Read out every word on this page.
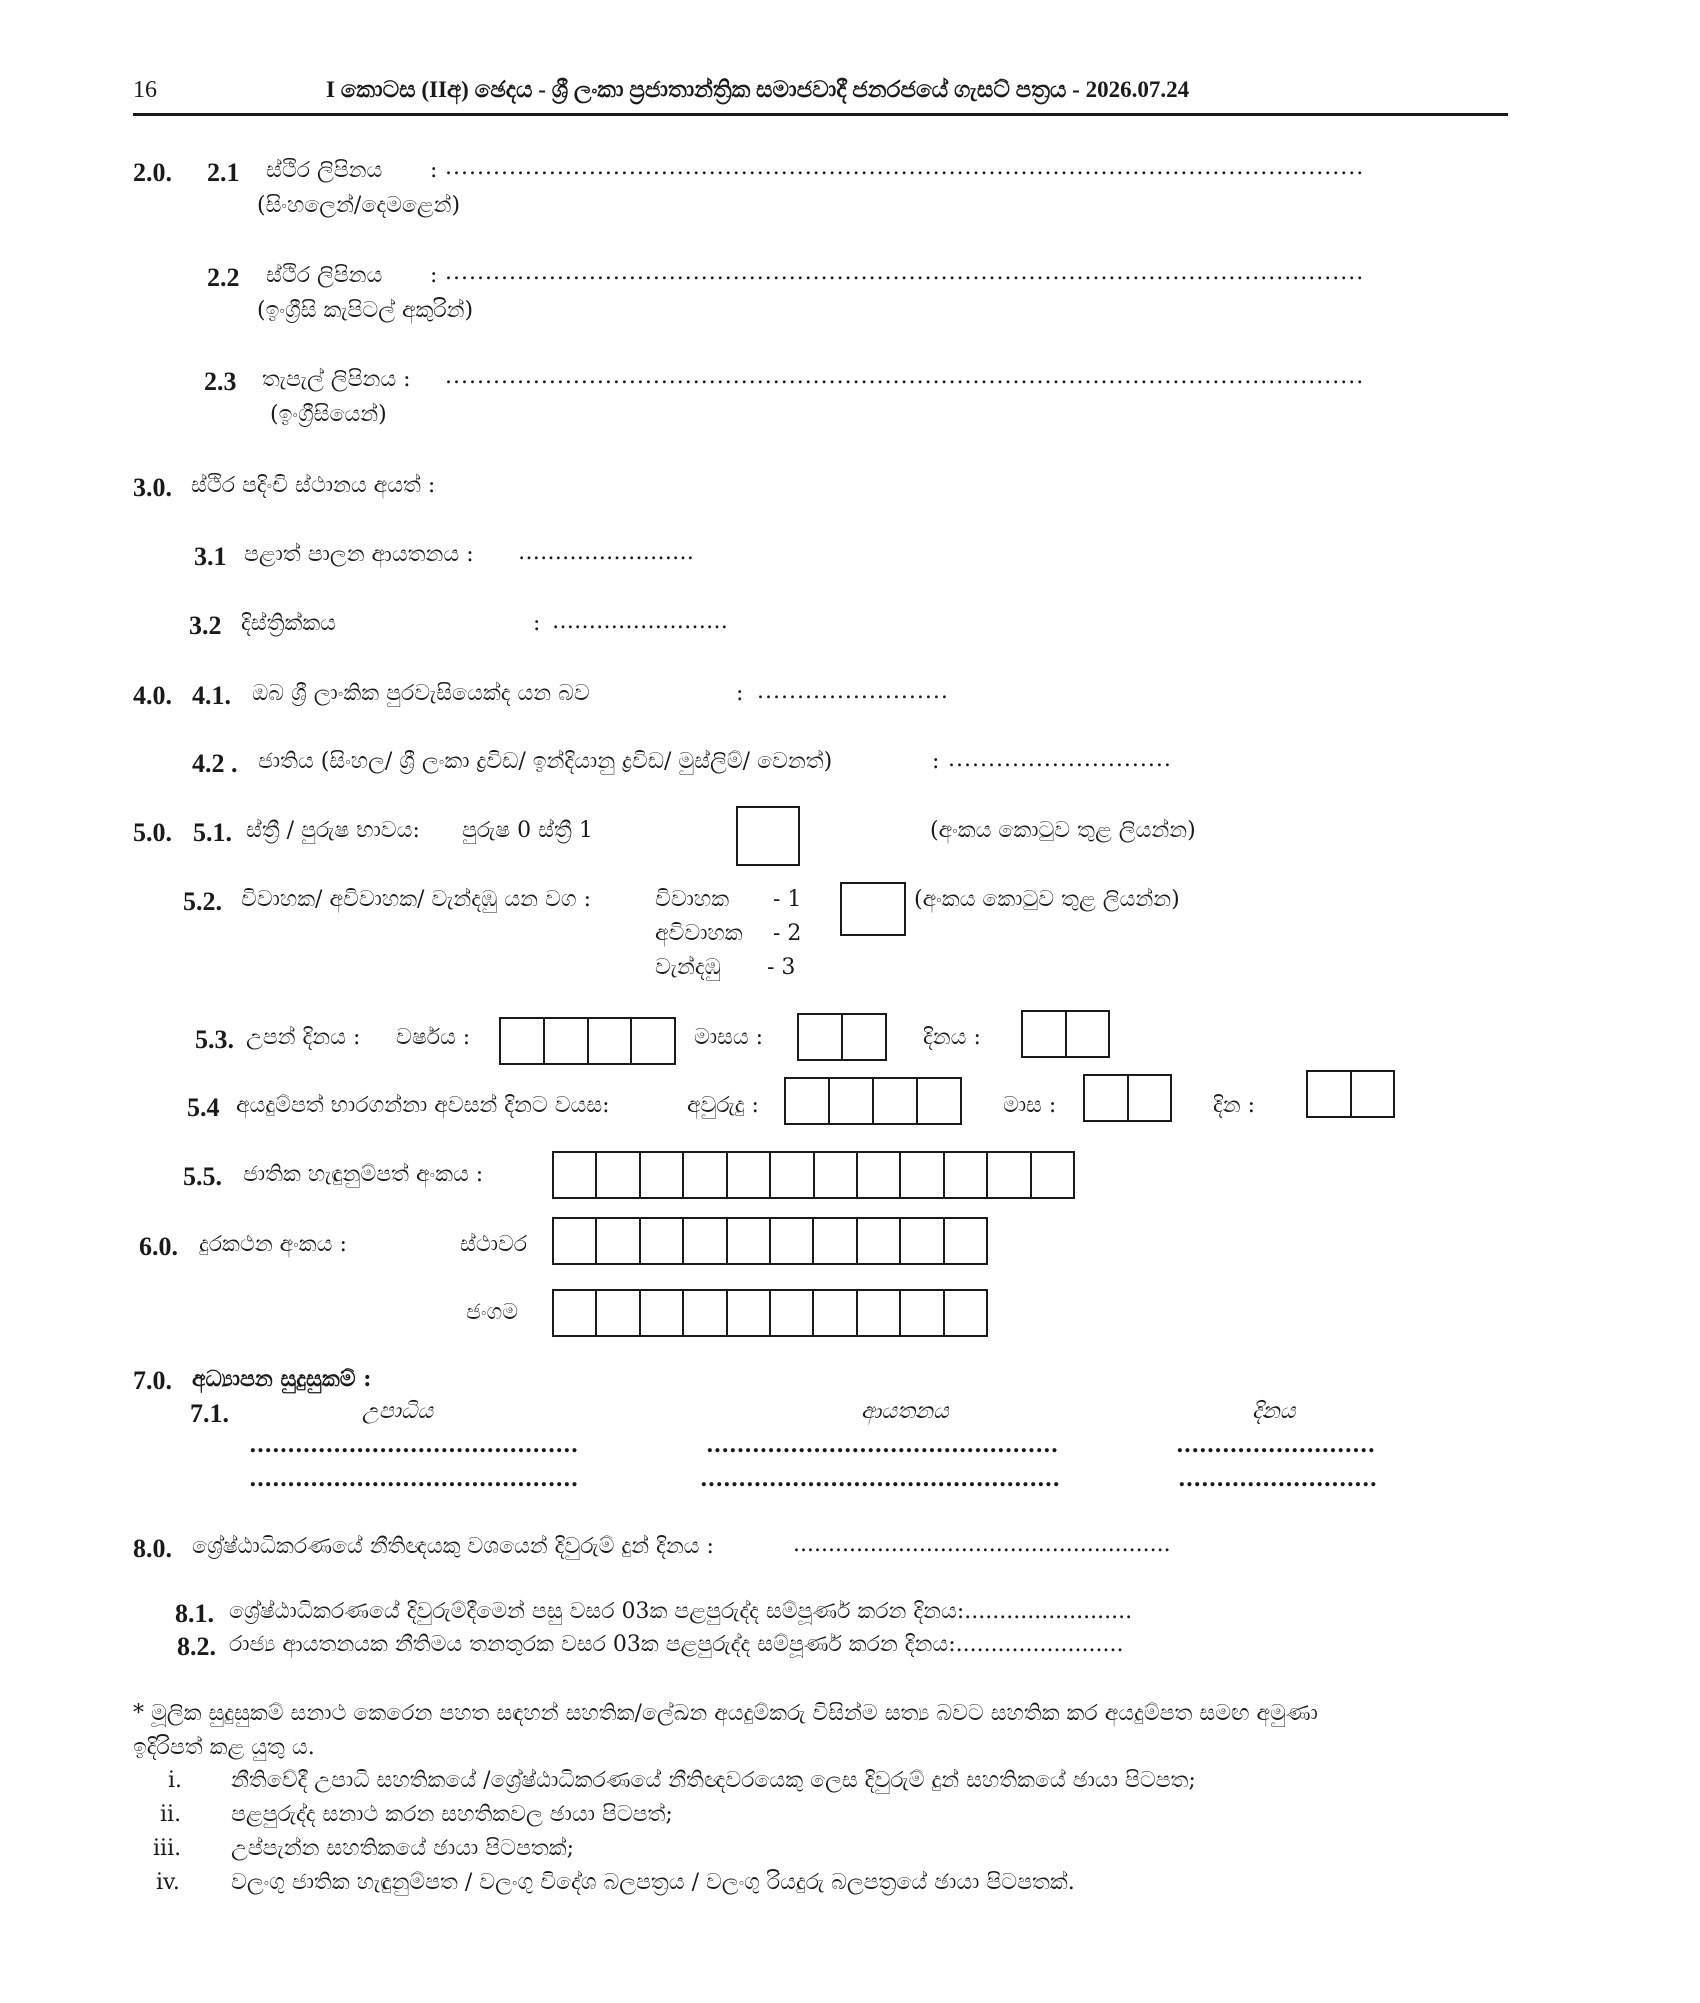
16	I කොටස (IIඅ) ඡෙදය - ශ්‍රී ලංකා ප්‍රජාතාන්ත්‍රික සමාජවාදී ජනරජයේ ගැසට් පත්‍රය - 2026.07.24
2.0. 2.1 ස්ථිර ලිපිනය : ...................................................................................................................
(සිංහලෙන්/දෙමළෙන්)
2.2 ස්ථිර ලිපිනය : ...................................................................................................................
(ඉංග්‍රීසි කැපිටල් අකුරින්)
2.3 තැපැල් ලිපිනය : ...................................................................................................................
(ඉංග්‍රීසියෙන්)
3.0. ස්ථිර පදිංචි ස්ථානය අයත් :
3.1 පළාත් පාලන ආයතනය : ……………………
3.2 දිස්ත්‍රික්කය	: ……………………
4.0. 4.1. ඔබ ශ්‍රී ලාංකික පුරවැසියෙක්ද යන බව	: ........................
4.2 . ජාතිය (සිංහල/ ශ්‍රී ලංකා ද්‍රවිඩ/ ඉන්දියානු ද්‍රවිඩ/ මුස්ලිම්/ වෙනත්)	: ............................
5.0. 5.1. ස්ත්‍රී / පුරුෂ භාවය: පුරුෂ 0 ස්ත්‍රී 1	(අංකය කොටුව තුළ ලියන්න)
5.2. විවාහක/ අවිවාහක/ වැන්දඹු යන වග :	විවාහක - 1
අවිවාහක - 2
වැන්දඹු - 3
(අංකය කොටුව තුළ ලියන්න)
5.3. උපන් දිනය : වර්ෂය :	මාසය :	දිනය :
5.4 අයදුම්පත් භාරගන්නා අවසන් දිනට වයස:	අවුරුදු :	මාස :	දින :
5.5. ජාතික හැඳුනුම්පත් අංකය :
6.0. දුරකථන අංකය :	ස්ථාවර
ජංගම
7.0. අධ්‍යාපන සුදුසුකම් :
7.1.	උපාධිය	ආයතනය	දිනය
...........................................	..............................................	..........................
...........................................	...............................................	..........................
8.0. ශ්‍රේෂ්ඨාධිකරණයේ නීතිඥයකු වශයෙන් දිවුරුම් දුන් දිනය :	......................................................
8.1. ශ්‍රේෂ්ඨාධිකරණයේ දිවුරුම්දීමෙන් පසු වසර 03ක පළපුරුද්ද සම්පූර්ණ කරන දිනය:........................
8.2. රාජ්‍ය ආයතනයක නීතිමය තනතුරක වසර 03ක පළපුරුද්ද සම්පූර්ණ කරන දිනය:........................
* මූලික සුදුසුකම් සනාථ කෙරෙන පහත සඳහන් සහතික/ලේඛන අයදුම්කරු විසින්ම සත්‍ය බවට සහතික කර අයදුම්පත සමඟ අමුණා
ඉදිරිපත් කළ යුතු ය.
i. නීතිවේදී උපාධි සහතිකයේ /ශ්‍රේෂ්ඨාධිකරණයේ නීතිඥවරයෙකු ලෙස දිවුරුම් දුන් සහතිකයේ ඡායා පිටපත;
ii. පළපුරුද්ද සනාථ කරන සහතිකවල ඡායා පිටපත්;
iii. උප්පැන්න සහතිකයේ ඡායා පිටපතක්;
iv. වලංගු ජාතික හැඳුනුම්පත / වලංගු විදේශ බලපත්‍රය / වලංගු රියදුරු බලපත්‍රයේ ඡායා පිටපතක්.
